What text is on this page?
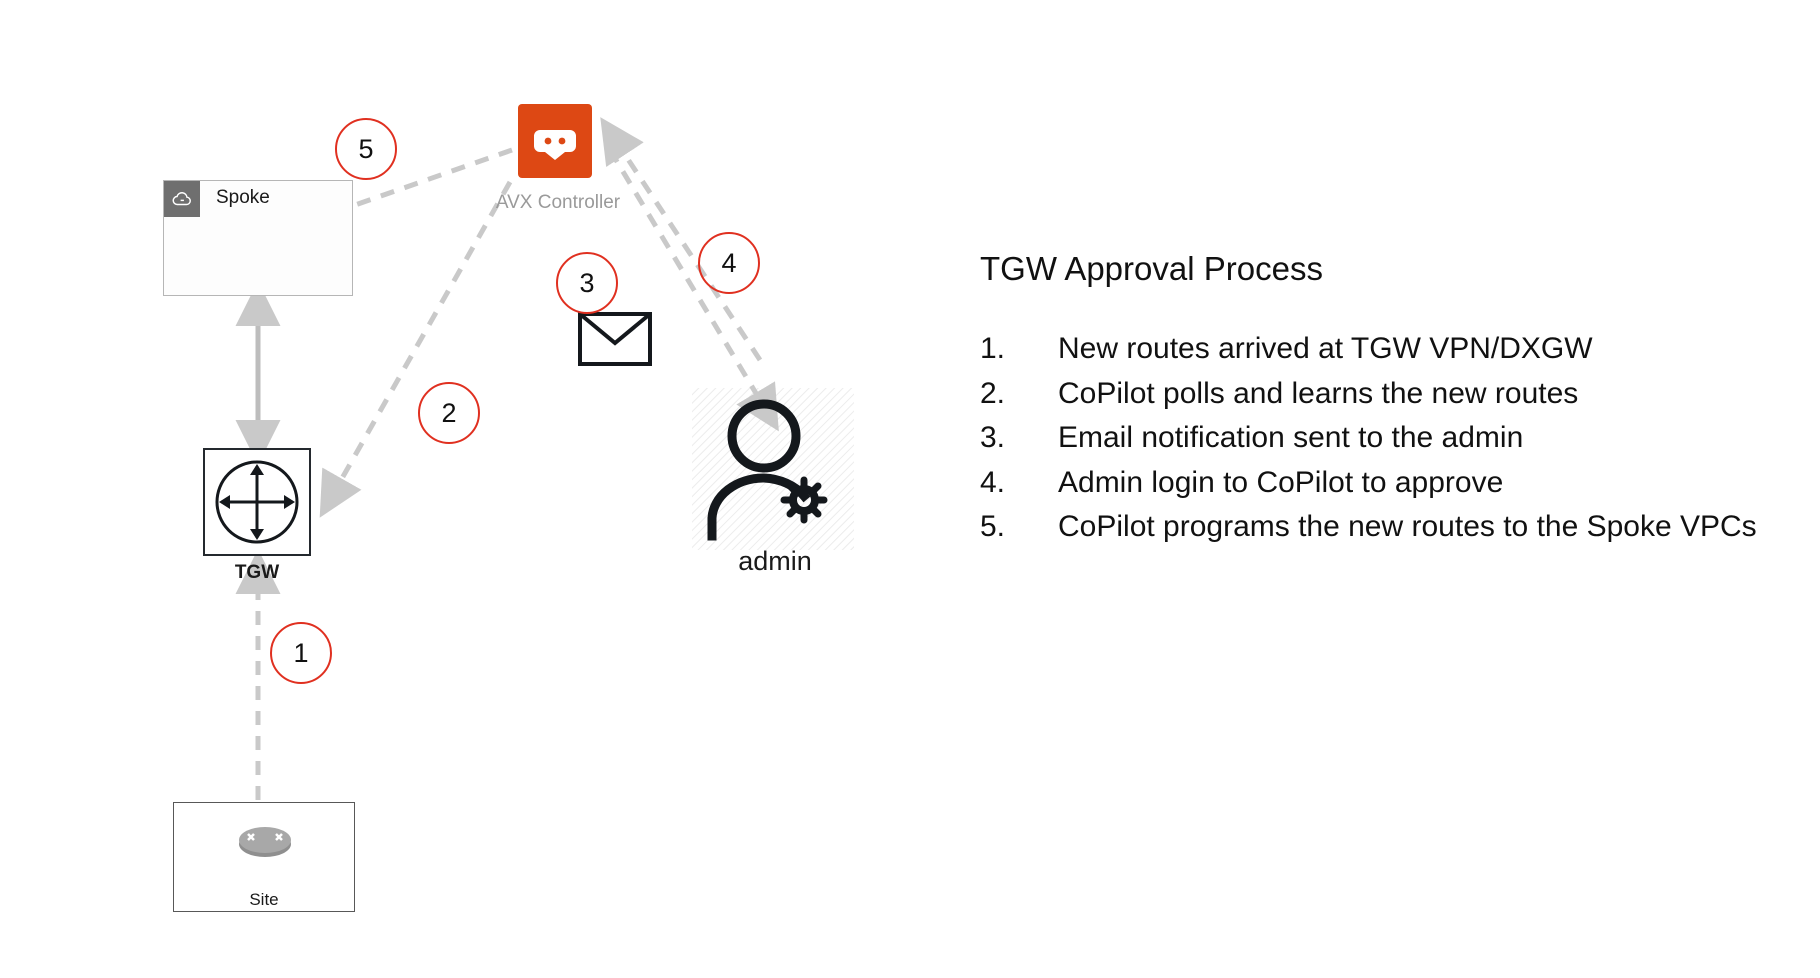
Spoke
TGW
Site
AVX Controller
admin
1
2
3
4
5
TGW Approval Process
1.	New routes arrived at TGW VPN/DXGW
2.	CoPilot polls and learns the new routes
3.	Email notification sent to the admin
4.	Admin login to CoPilot to approve
5.	CoPilot programs the new routes to the Spoke VPCs
